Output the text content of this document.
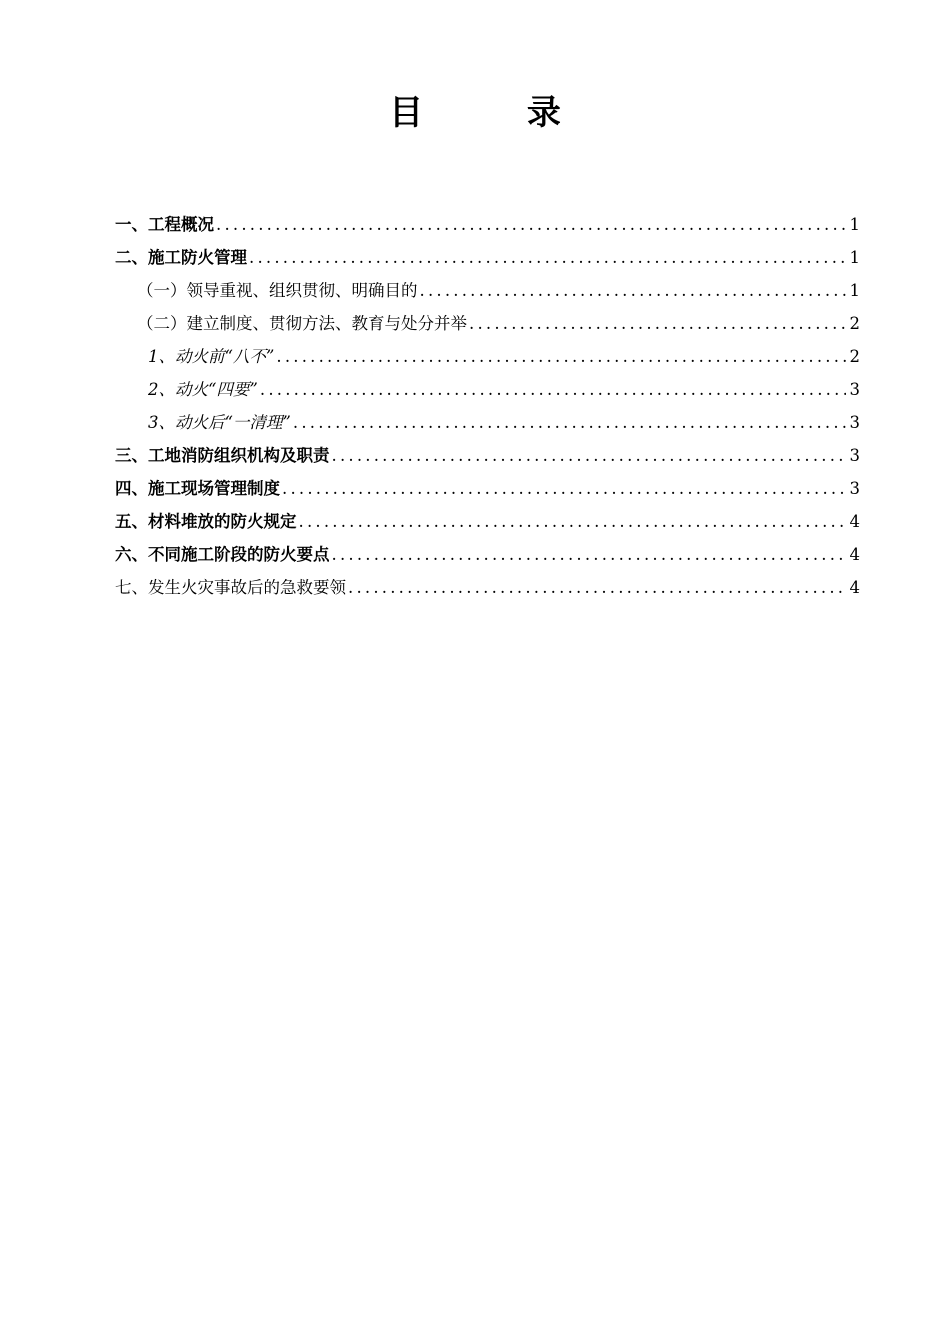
目 录
一、工程概况 .....	1
二、施工防火管理 .....	1
（一）领导重视、组织贯彻、明确目的 .....	1
（二）建立制度、贯彻方法、教育与处分并举 .....	2
1、动火前“八不” .....	2
2、动火“四要” .....	3
3、动火后“一清理” .....	3
三、工地消防组织机构及职责 .....	3
四、施工现场管理制度 .....	3
五、材料堆放的防火规定 .....	4
六、不同施工阶段的防火要点 .....	4
七、发生火灾事故后的急救要领 .....	4
